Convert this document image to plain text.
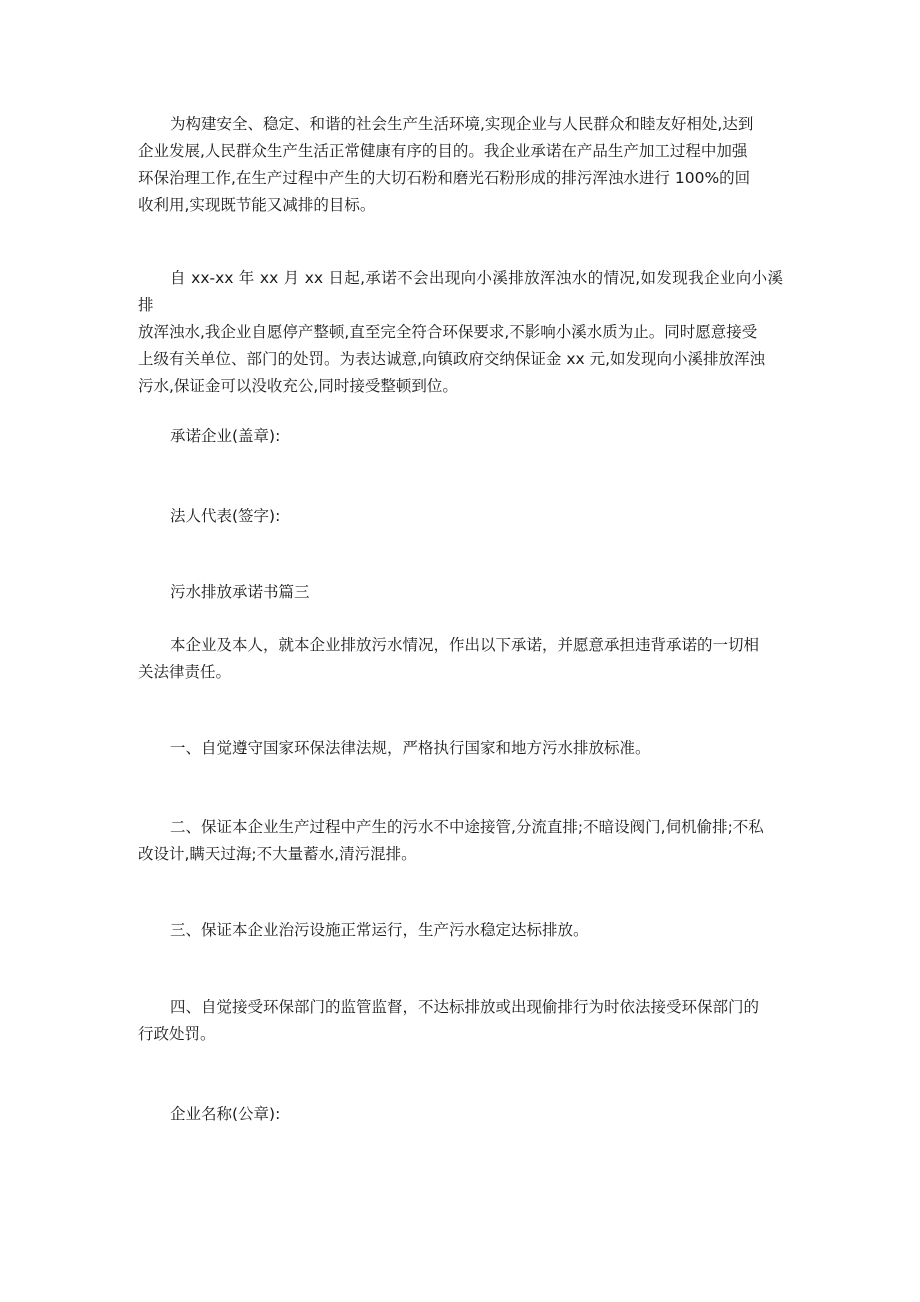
为构建安全、稳定、和谐的社会生产生活环境,实现企业与人民群众和睦友好相处,达到
企业发展,人民群众生产生活正常健康有序的目的。我企业承诺在产品生产加工过程中加强
环保治理工作,在生产过程中产生的大切石粉和磨光石粉形成的排污浑浊水进行 100%的回
收利用,实现既节能又减排的目标。
自 xx-xx 年 xx 月 xx 日起,承诺不会出现向小溪排放浑浊水的情况,如发现我企业向小溪排
放浑浊水,我企业自愿停产整顿,直至完全符合环保要求,不影响小溪水质为止。同时愿意接受
上级有关单位、部门的处罚。为表达诚意,向镇政府交纳保证金 xx 元,如发现向小溪排放浑浊
污水,保证金可以没收充公,同时接受整顿到位。
承诺企业(盖章):
法人代表(签字):
污水排放承诺书篇三
本企业及本人，就本企业排放污水情况，作出以下承诺，并愿意承担违背承诺的一切相
关法律责任。
一、自觉遵守国家环保法律法规，严格执行国家和地方污水排放标准。
二、保证本企业生产过程中产生的污水不中途接管,分流直排;不暗设阀门,伺机偷排;不私
改设计,瞒天过海;不大量蓄水,清污混排。
三、保证本企业治污设施正常运行，生产污水稳定达标排放。
四、自觉接受环保部门的监管监督，不达标排放或出现偷排行为时依法接受环保部门的
行政处罚。
企业名称(公章):
